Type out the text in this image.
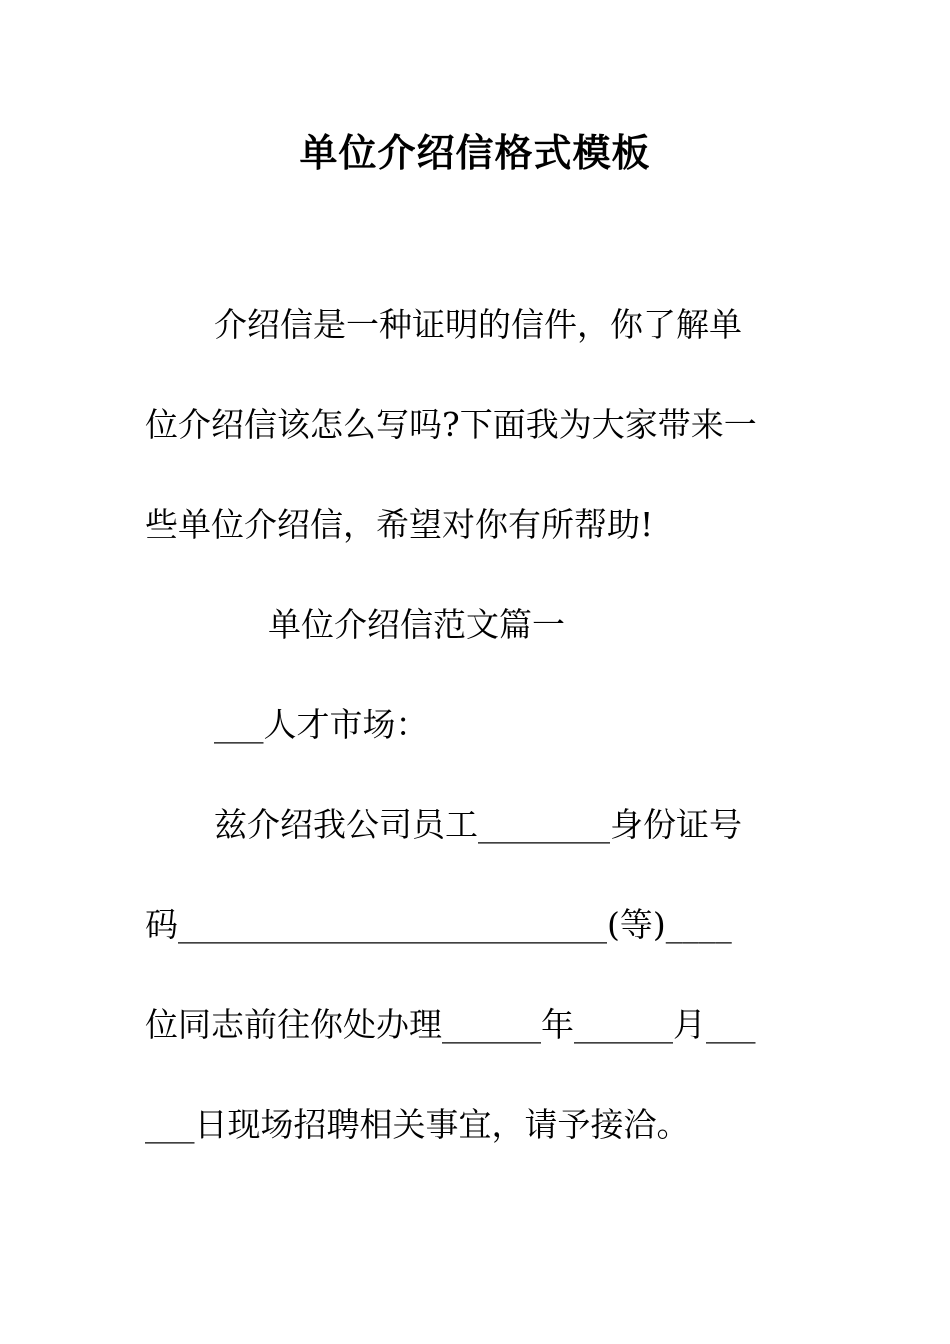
单位介绍信格式模板
介绍信是一种证明的信件，你了解单
位介绍信该怎么写吗?下面我为大家带来一
些单位介绍信，希望对你有所帮助!
单位介绍信范文篇一
___人才市场：
兹介绍我公司员工________身份证号
码__________________________(等)____
位同志前往你处办理______年______月___
___日现场招聘相关事宜，请予接洽。
